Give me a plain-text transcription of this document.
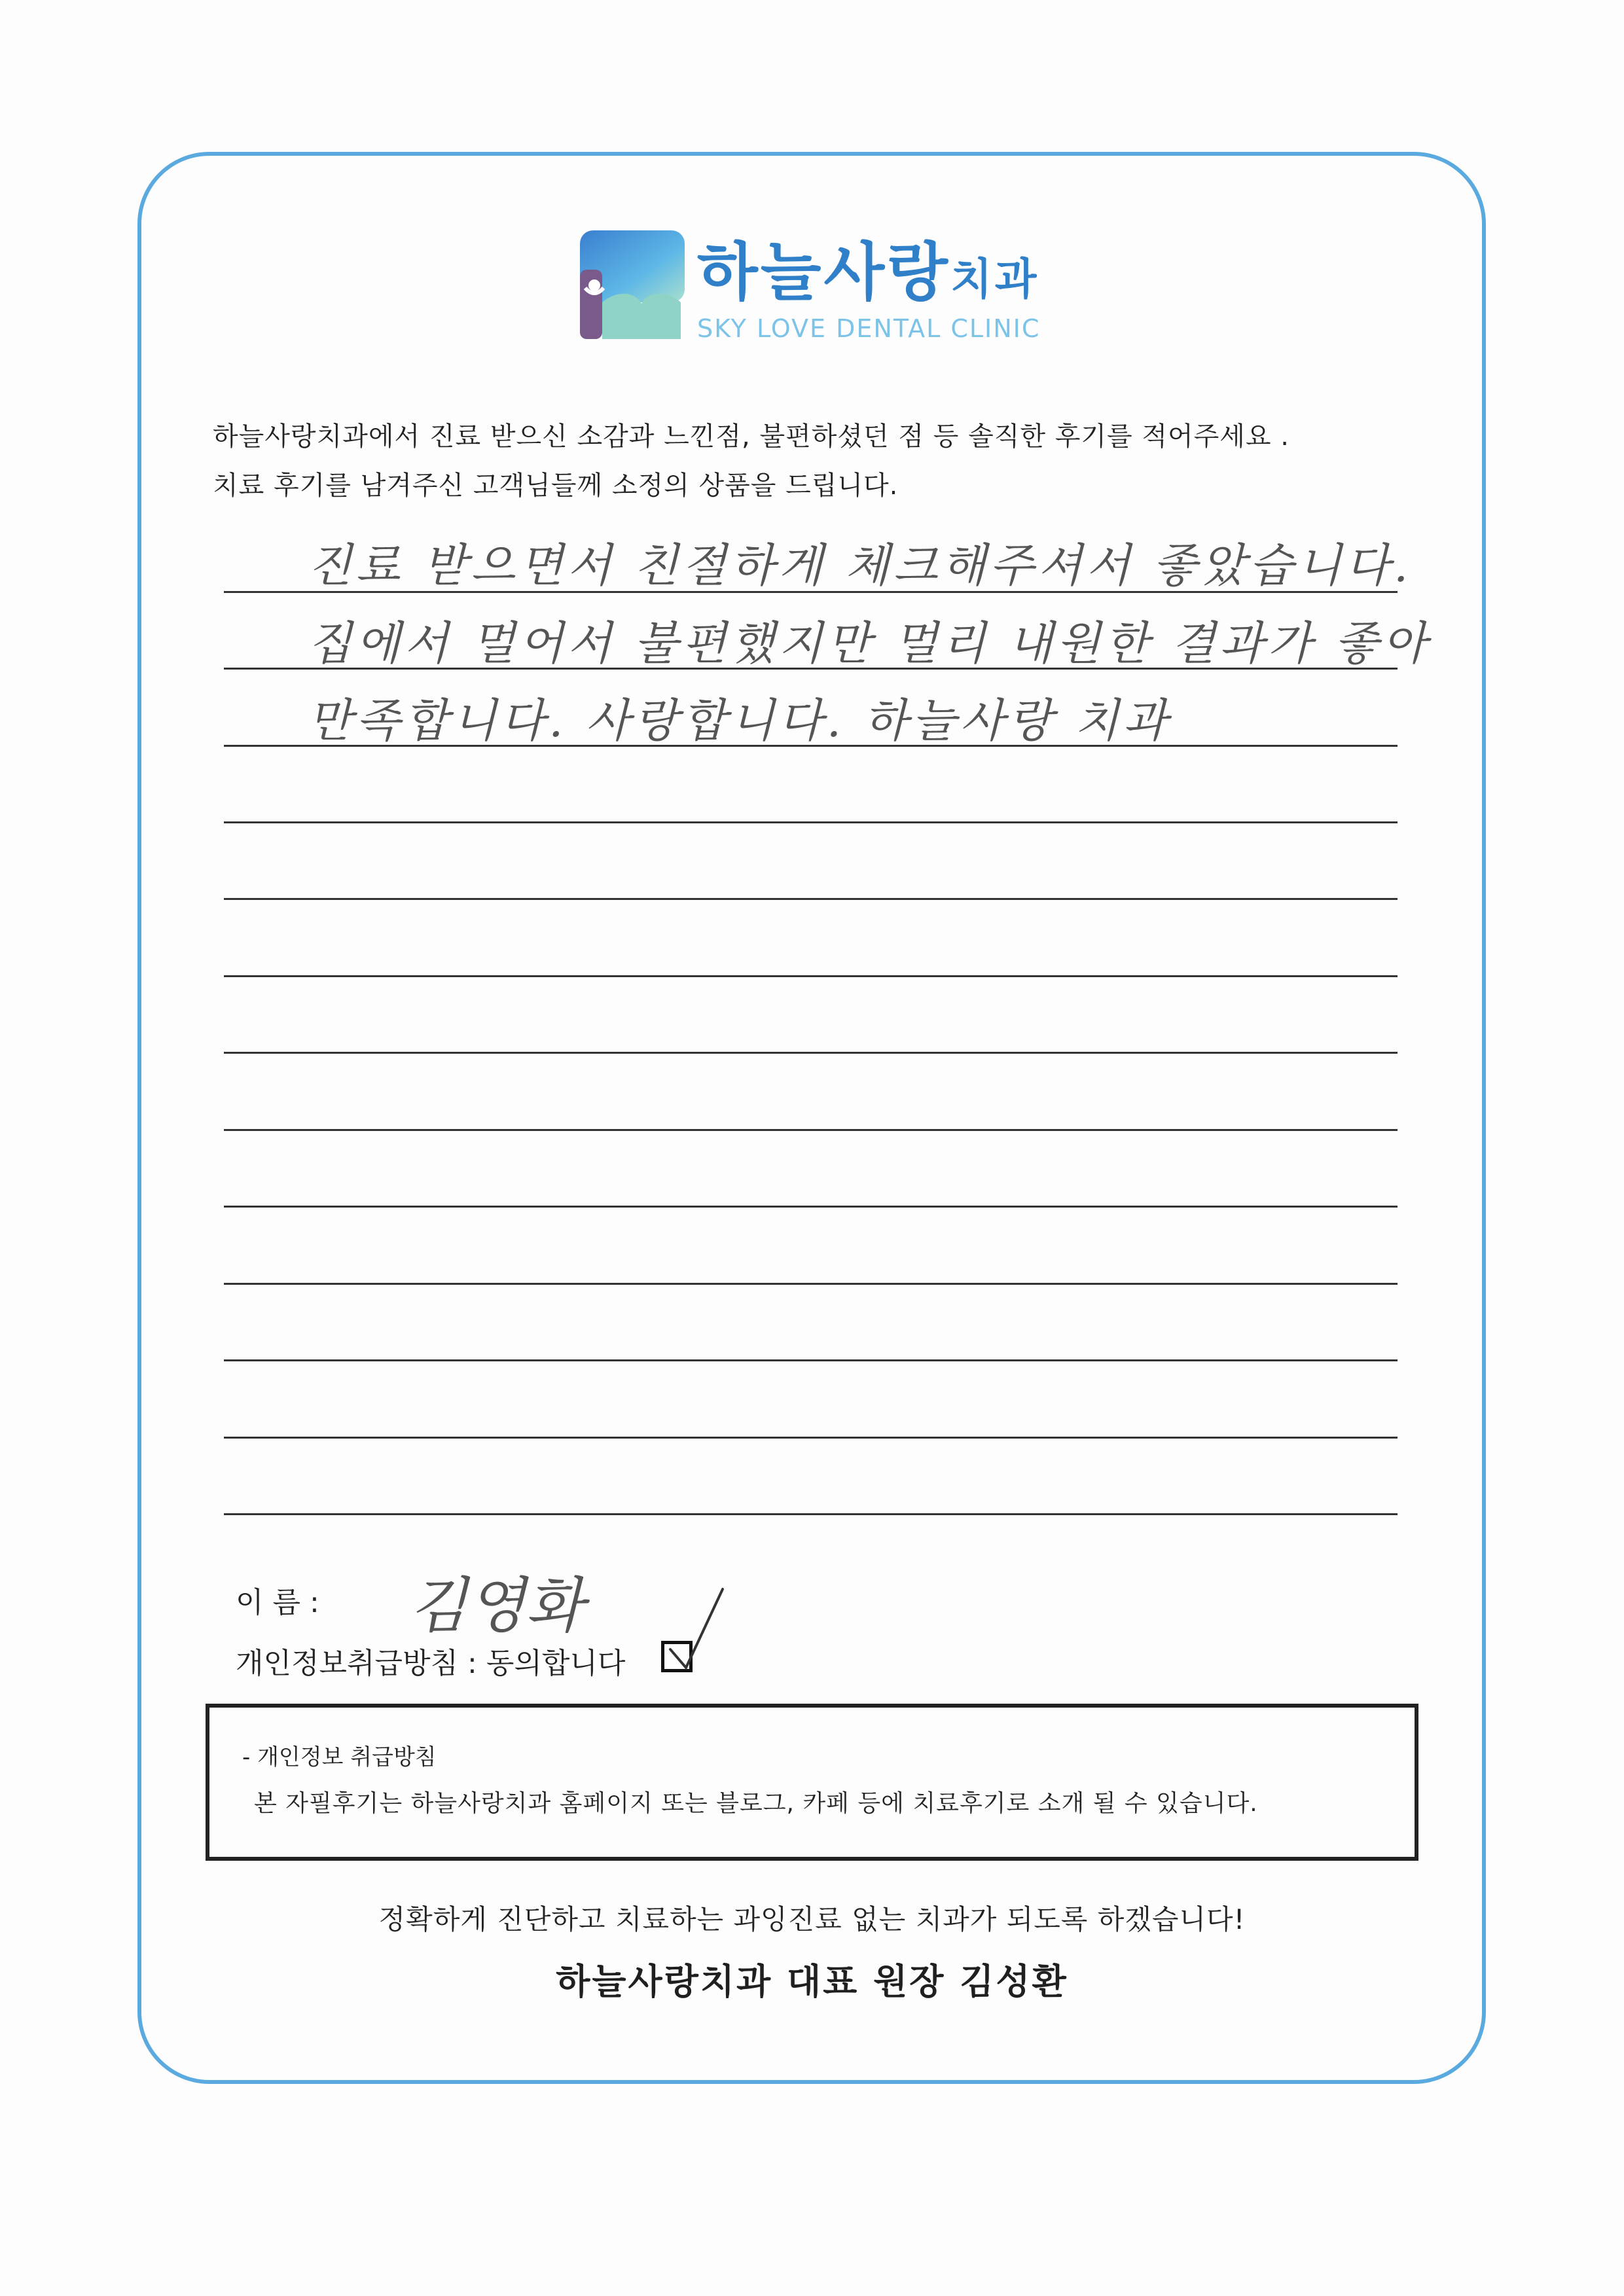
하늘사랑치과
SKY LOVE DENTAL CLINIC
하늘사랑치과에서 진료 받으신 소감과 느낀점, 불편하셨던 점 등 솔직한 후기를 적어주세요 .
치료 후기를 남겨주신 고객님들께 소정의 상품을 드립니다.
진료 받으면서 친절하게 체크해주셔서 좋았습니다.
집에서 멀어서 불편했지만 멀리 내원한 결과가 좋아
만족합니다. 사랑합니다. 하늘사랑 치과
이 름 : 김영화
개인정보취급방침 : 동의합니다
- 개인정보 취급방침
본 자필후기는 하늘사랑치과 홈페이지 또는 블로그, 카페 등에 치료후기로 소개 될 수 있습니다.
정확하게 진단하고 치료하는 과잉진료 없는 치과가 되도록 하겠습니다!
하늘사랑치과 대표 원장 김성환
